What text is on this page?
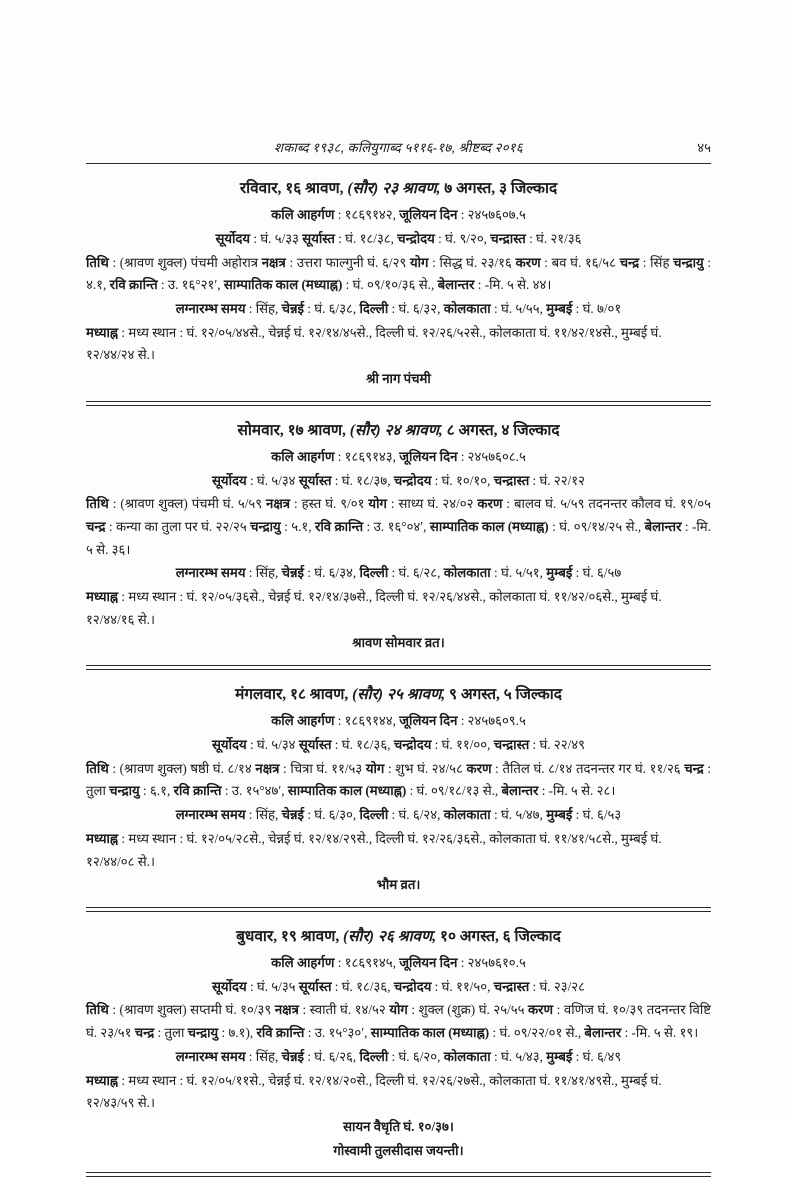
शकाब्द १९३८, कलियुगाब्द ५११६-१७, श्रीष्टब्द २०१६	४५
रविवार, १६ श्रावण, (सौर) २३ श्रावण, ७ अगस्त, ३ जिल्काद

कलि आहर्गण : १८६९१४२, जूलियन दिन : २४५७६०७.५

सूर्योदय : घं. ५/३३ सूर्यास्त : घं. १८/३८, चन्द्रोदय : घं. ९/२०, चन्द्रास्त : घं. २१/३६

तिथि : (श्रावण शुक्ल) पंचमी अहोरात्र नक्षत्र : उत्तरा फाल्गुनी घं. ६/२९ योग : सिद्ध घं. २३/१६ करण : बव घं. १६/५८ चन्द्र : सिंह चन्द्रायु : ४.१, रवि क्रान्ति : उ. १६°२१′, साम्पातिक काल (मध्याह्न) : घं. ०९/१०/३६ से., बेलान्तर : -मि. ५ से. ४४।

लग्नारम्भ समय : सिंह, चेन्नई : घं. ६/३८, दिल्ली : घं. ६/३२, कोलकाता : घं. ५/५५, मुम्बई : घं. ७/०१

मध्याह्न : मध्य स्थान : घं. १२/०५/४४से., चेन्नई घं. १२/१४/४५से., दिल्ली घं. १२/२६/५२से., कोलकाता घं. ११/४२/१४से., मुम्बई घं. १२/४४/२४ से.।

श्री नाग पंचमी

सोमवार, १७ श्रावण, (सौर) २४ श्रावण, ८ अगस्त, ४ जिल्काद

कलि आहर्गण : १८६९१४३, जूलियन दिन : २४५७६०८.५

सूर्योदय : घं. ५/३४ सूर्यास्त : घं. १८/३७, चन्द्रोदय : घं. १०/१०, चन्द्रास्त : घं. २२/१२

तिथि : (श्रावण शुक्ल) पंचमी घं. ५/५९ नक्षत्र : हस्त घं. ९/०१ योग : साध्य घं. २४/०२ करण : बालव घं. ५/५९ तदनन्तर कौलव घं. १९/०५ चन्द्र : कन्या का तुला पर घं. २२/२५ चन्द्रायु : ५.१, रवि क्रान्ति : उ. १६°०४′, साम्पातिक काल (मध्याह्न) : घं. ०९/१४/२५ से., बेलान्तर : -मि. ५ से. ३६।

लग्नारम्भ समय : सिंह, चेन्नई : घं. ६/३४, दिल्ली : घं. ६/२८, कोलकाता : घं. ५/५१, मुम्बई : घं. ६/५७

मध्याह्न : मध्य स्थान : घं. १२/०५/३६से., चेन्नई घं. १२/१४/३७से., दिल्ली घं. १२/२६/४४से., कोलकाता घं. ११/४२/०६से., मुम्बई घं. १२/४४/१६ से.।

श्रावण सोमवार व्रत।

मंगलवार, १८ श्रावण, (सौर) २५ श्रावण, ९ अगस्त, ५ जिल्काद

कलि आहर्गण : १८६९१४४, जूलियन दिन : २४५७६०९.५

सूर्योदय : घं. ५/३४ सूर्यास्त : घं. १८/३६, चन्द्रोदय : घं. ११/००, चन्द्रास्त : घं. २२/४९

तिथि : (श्रावण शुक्ल) षष्ठी घं. ८/१४ नक्षत्र : चित्रा घं. ११/५३ योग : शुभ घं. २४/५८ करण : तैतिल घं. ८/१४ तदनन्तर गर घं. ११/२६ चन्द्र : तुला चन्द्रायु : ६.१, रवि क्रान्ति : उ. १५°४७′, साम्पातिक काल (मध्याह्न) : घं. ०९/१८/१३ से., बेलान्तर : -मि. ५ से. २८।

लग्नारम्भ समय : सिंह, चेन्नई : घं. ६/३०, दिल्ली : घं. ६/२४, कोलकाता : घं. ५/४७, मुम्बई : घं. ६/५३

मध्याह्न : मध्य स्थान : घं. १२/०५/२८से., चेन्नई घं. १२/१४/२९से., दिल्ली घं. १२/२६/३६से., कोलकाता घं. ११/४१/५८से., मुम्बई घं. १२/४४/०८ से.।

भौम व्रत।

बुधवार, १९ श्रावण, (सौर) २६ श्रावण, १० अगस्त, ६ जिल्काद

कलि आहर्गण : १८६९१४५, जूलियन दिन : २४५७६१०.५

सूर्योदय : घं. ५/३५ सूर्यास्त : घं. १८/३६, चन्द्रोदय : घं. ११/५०, चन्द्रास्त : घं. २३/२८

तिथि : (श्रावण शुक्ल) सप्तमी घं. १०/३९ नक्षत्र : स्वाती घं. १४/५२ योग : शुक्ल (शुक्र) घं. २५/५५ करण : वणिज घं. १०/३९ तदनन्तर विष्टि घं. २३/५१ चन्द्र : तुला चन्द्रायु : ७.१), रवि क्रान्ति : उ. १५°३०′, साम्पातिक काल (मध्याह्न) : घं. ०९/२२/०१ से., बेलान्तर : -मि. ५ से. १९।

लग्नारम्भ समय : सिंह, चेन्नई : घं. ६/२६, दिल्ली : घं. ६/२०, कोलकाता : घं. ५/४३, मुम्बई : घं. ६/४९

मध्याह्न : मध्य स्थान : घं. १२/०५/११से., चेन्नई घं. १२/१४/२०से., दिल्ली घं. १२/२६/२७से., कोलकाता घं. ११/४१/४९से., मुम्बई घं. १२/४३/५९ से.।

सायन वैधृति घं. १०/३७।

गोस्वामी तुलसीदास जयन्ती।
